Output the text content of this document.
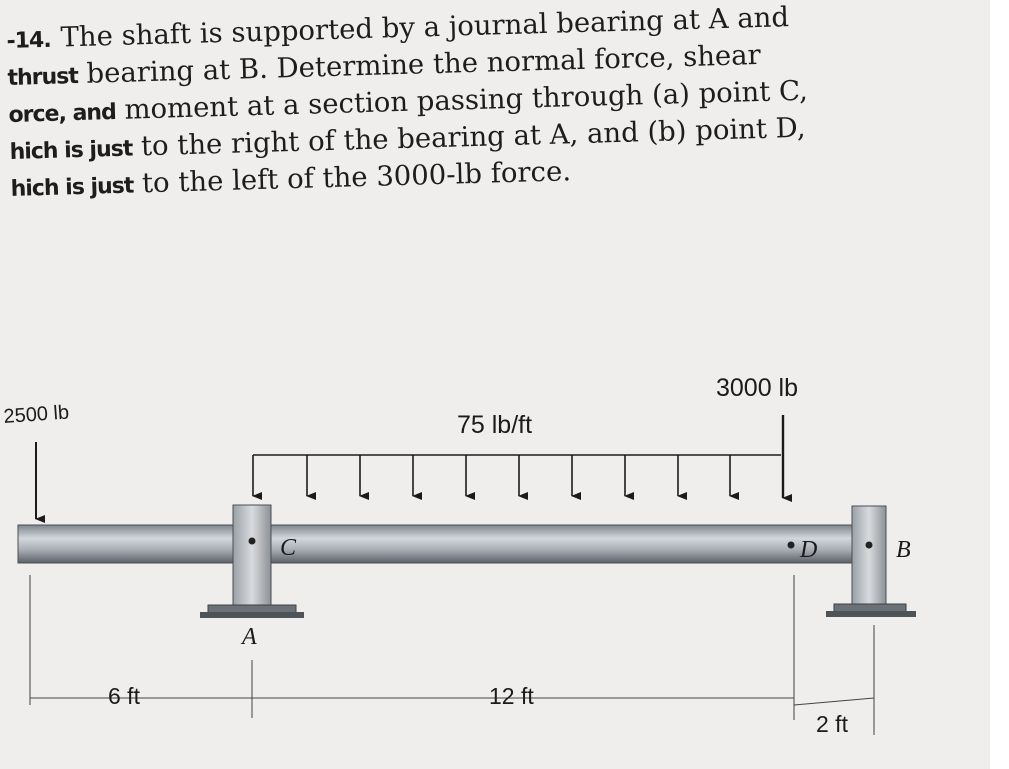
-14. The shaft is supported by a journal bearing at A and
thrust bearing at B. Determine the normal force, shear
orce, and moment at a section passing through (a) point C,
hich is just to the right of the bearing at A, and (b) point D,
hich is just to the left of the 3000-lb force.
2500 lb	75 lb/ft
3000 lb
C	D	B
A
6 ft	12 ft
2 ft
